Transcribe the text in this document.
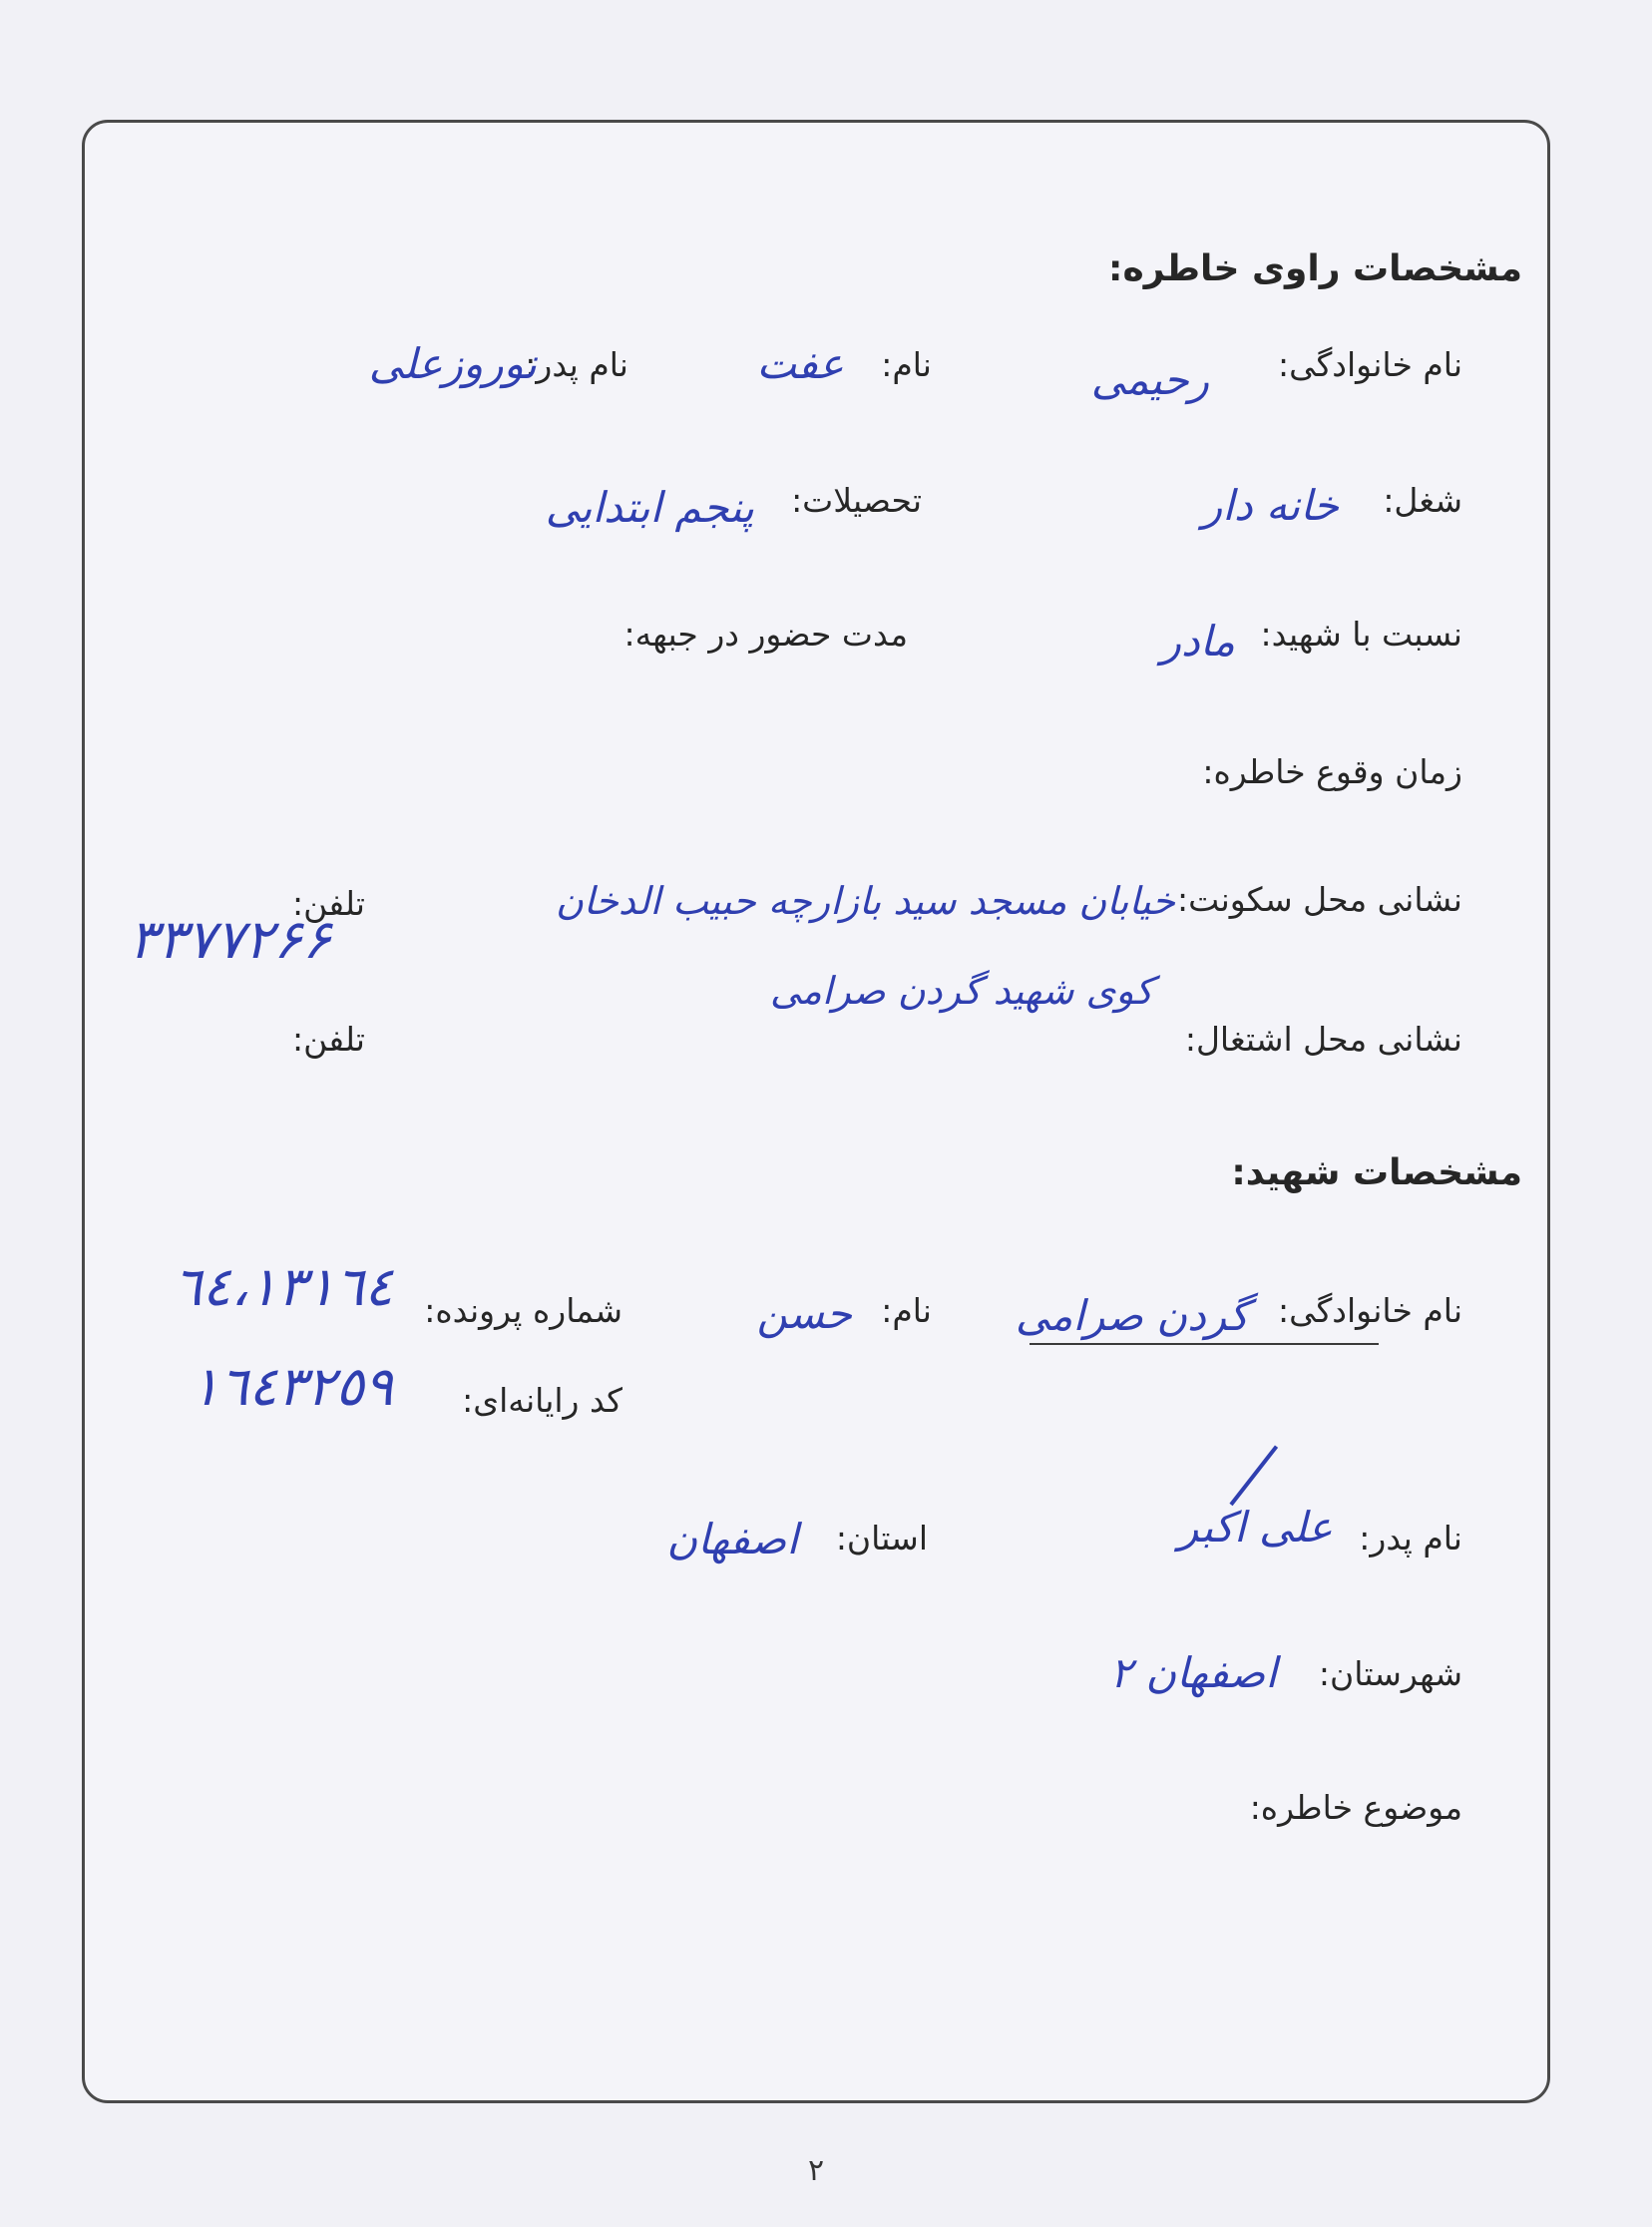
مشخصات راوی خاطره:
نام خانوادگی:
رحیمی
نام:
عفت
نام پدر:
نوروزعلی
شغل:
خانه دار
تحصیلات:
پنجم ابتدایی
نسبت با شهید:
مادر
مدت حضور در جبهه:
زمان وقوع خاطره:
نشانی محل سکونت:
خیابان مسجد سید بازارچه حبیب الدخان
کوی شهید گردن صرامی
تلفن:
۳۳۷۷۲۶۶
نشانی محل اشتغال:
تلفن:
مشخصات شهید:
نام خانوادگی:
گردن صرامی
نام:
حسن
شماره پرونده:
٦٤،١٣١٦٤
کد رایانه‌ای:
١٦٤٣٢٥٩
نام پدر:
علی اکبر
استان:
اصفهان
شهرستان:
اصفهان ۲
موضوع خاطره:
۲
